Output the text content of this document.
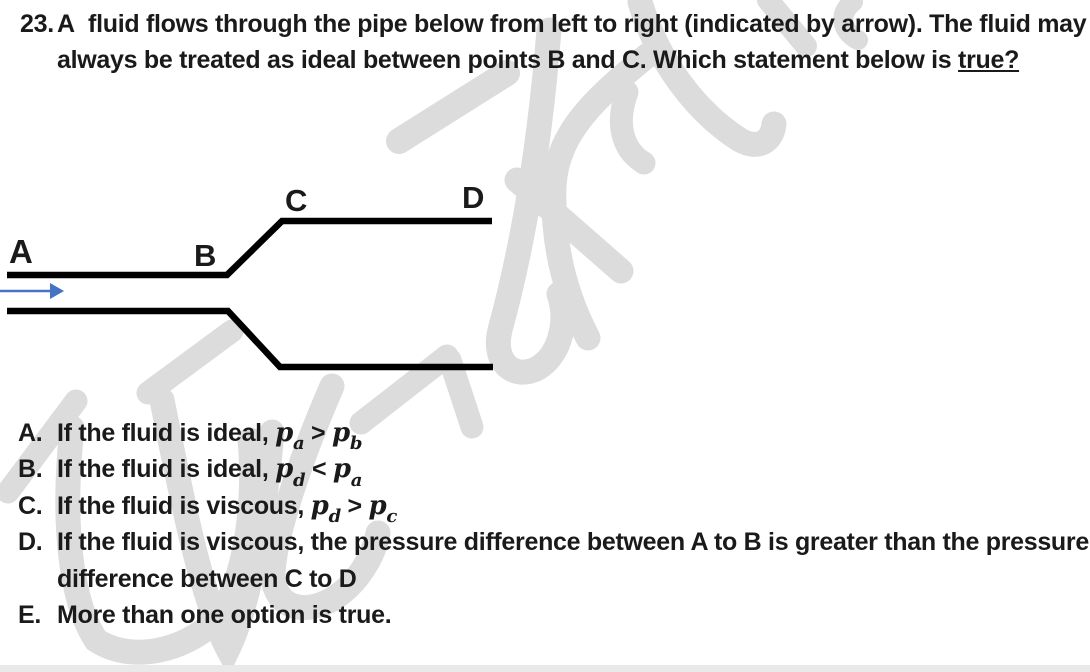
23. A  fluid flows through the pipe below from left to right (indicated by arrow). The fluid may
always be treated as ideal between points B and C. Which statement below is true?
A	B
C	D
A. If the fluid is ideal, $p_a > p_b$
B. If the fluid is ideal, $p_d < p_a$
C. If the fluid is viscous, $p_d > p_c$
D. If the fluid is viscous, the pressure difference between A to B is greater than the pressure
difference between C to D
E. More than one option is true.
